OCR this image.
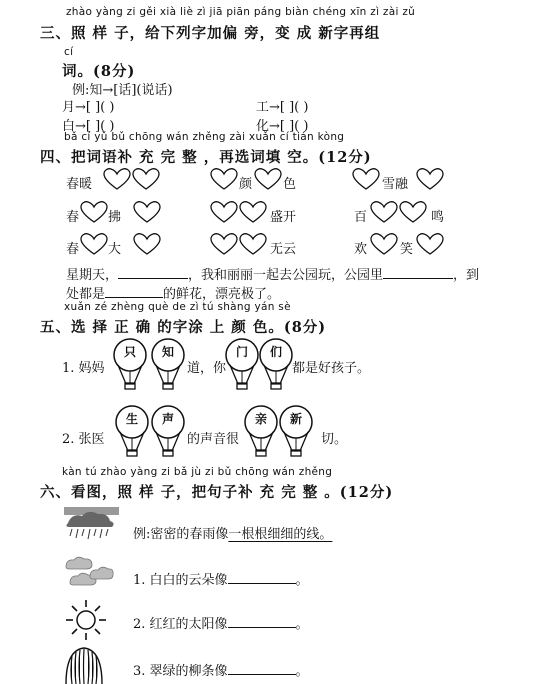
zhào yàng zi gěi xià liè zì jiā piān páng biàn chéng xīn zì zài zǔ
三、照 样 子，给下列字加偏 旁，变 成 新字再组
cí
词。(8分)
例:知→[话](说话)
月→[ ]( )	工→[ ]( )
白→[ ]( )	化→[ ]( )
bǎ cí yǔ bǔ chōng wán zhěng zài xuǎn cí tián kòng
四、把词语补 充 完 整 ，再选词填 空。(12分)
春暖	颜 色	雪融
春 拂	盛开	百	鸣
春 大	无云	欢	笑
星期天，	，我和丽丽一起去公园玩，公园里	，到
处都是	的鲜花，漂亮极了。
xuǎn zé zhèng què de zì tú shàng yán sè
五、选 择 正 确 的字涂 上 颜 色。(8分)
1. 妈妈
只 知
道，你
门 们
都是好孩子。
2. 张医
生 声
的声音很
亲 新
切。
kàn tú zhào yàng zi bǎ jù zi bǔ chōng wán zhěng
六、看图，照 样 子，把句子补 充 完 整 。(12分)
例:密密的春雨像一根根细细的线。
1. 白白的云朵像	。
2. 红红的太阳像	。
3. 翠绿的柳条像	。
